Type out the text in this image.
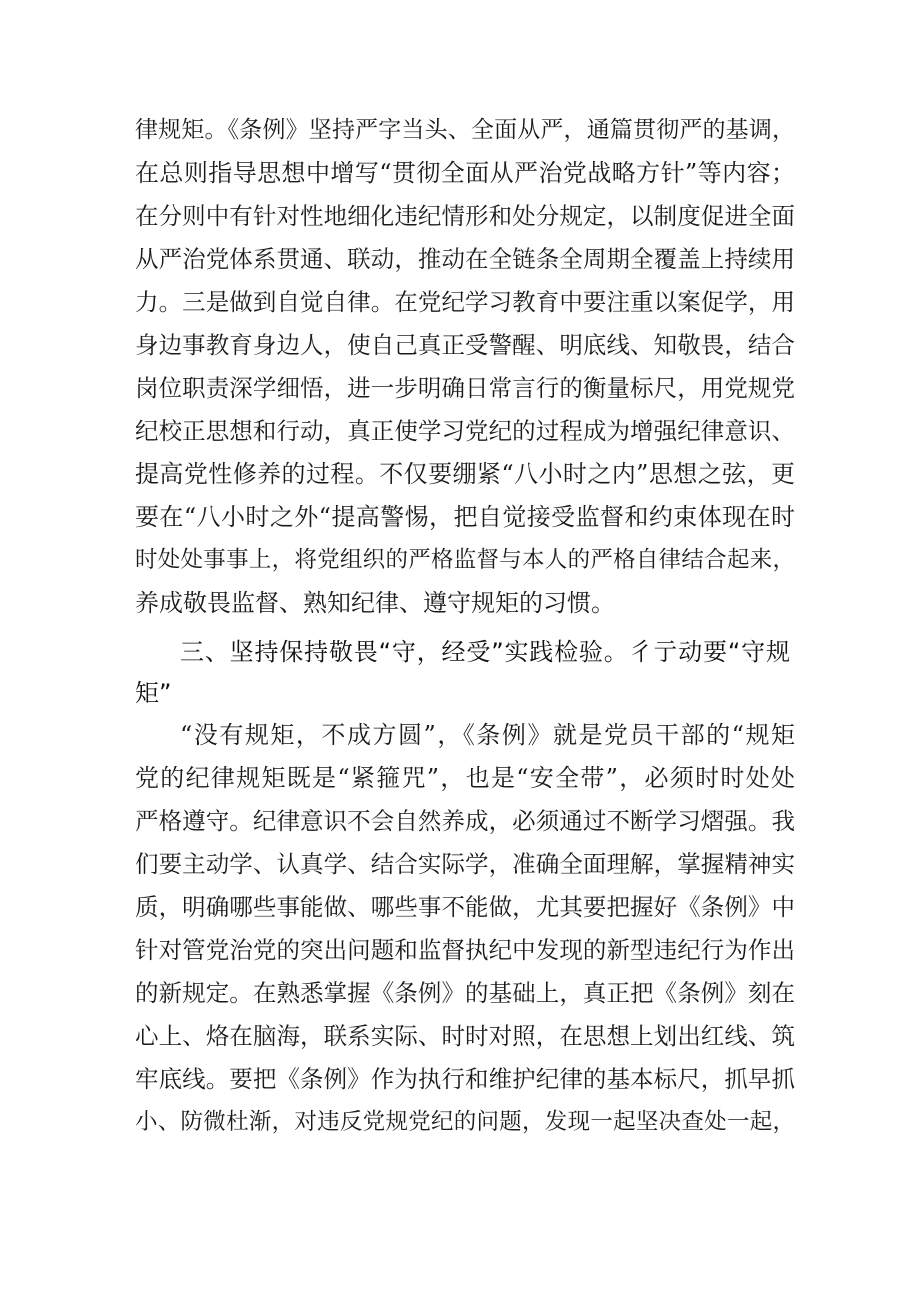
律规矩。《条例》坚持严字当头、全面从严，通篇贯彻严的基调，

在总则指导思想中增写“贯彻全面从严治党战略方针”等内容；

在分则中有针对性地细化违纪情形和处分规定，以制度促进全面

从严治党体系贯通、联动，推动在全链条全周期全覆盖上持续用

力。三是做到自觉自律。在党纪学习教育中要注重以案促学，用

身边事教育身边人，使自己真正受警醒、明底线、知敬畏，结合

岗位职责深学细悟，进一步明确日常言行的衡量标尺，用党规党

纪校正思想和行动，真正使学习党纪的过程成为增强纪律意识、

提高党性修养的过程。不仅要绷紧“八小时之内”思想之弦，更

要在“八小时之外“提高警惕，把自觉接受监督和约束体现在时

时处处事事上，将党组织的严格监督与本人的严格自律结合起来，

养成敬畏监督、熟知纪律、遵守规矩的习惯。

三、坚持保持敬畏“守，经受”实践检验。彳亍动要“守规

矩”

“没有规矩，不成方圆”，《条例》就是党员干部的“规矩

党的纪律规矩既是“紧箍咒”，也是“安全带”，必须时时处处

严格遵守。纪律意识不会自然养成，必须通过不断学习熠强。我

们要主动学、认真学、结合实际学，准确全面理解，掌握精神实

质，明确哪些事能做、哪些事不能做，尤其要把握好《条例》中

针对管党治党的突出问题和监督执纪中发现的新型违纪行为作出

的新规定。在熟悉掌握《条例》的基础上，真正把《条例》刻在

心上、烙在脑海，联系实际、时时对照，在思想上划出红线、筑

牢底线。要把《条例》作为执行和维护纪律的基本标尺，抓早抓

小、防微杜渐，对违反党规党纪的问题，发现一起坚决查处一起，
